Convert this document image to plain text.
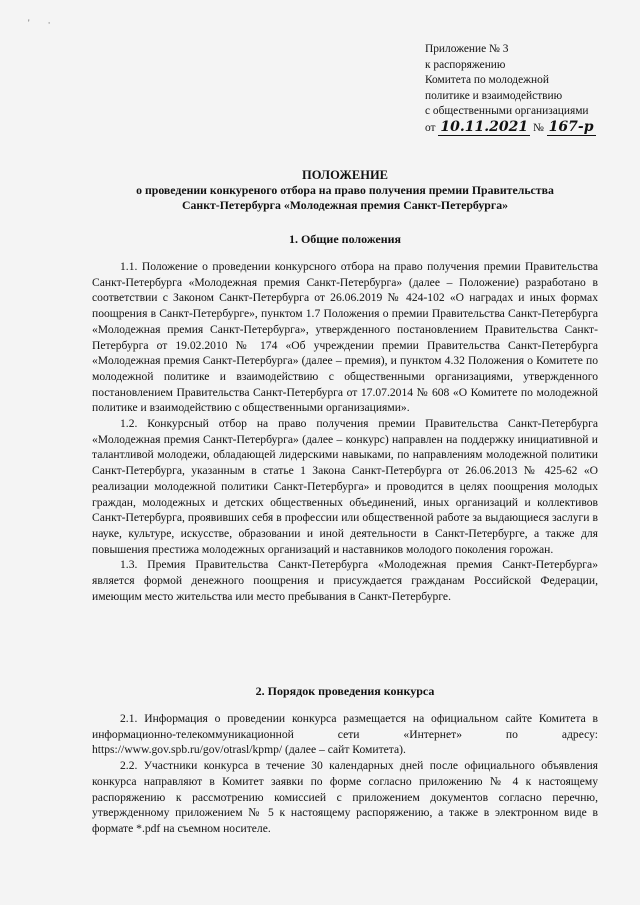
'·
Приложение № 3
к распоряжению
Комитета по молодежной
политике и взаимодействию
с общественными организациями
от 10.11.2021 № 167-р
ПОЛОЖЕНИЕ
о проведении конкуреного отбора на право получения премии Правительства
Санкт-Петербурга «Молодежная премия Санкт-Петербурга»
1. Общие положения

1.1. Положение о проведении конкурсного отбора на право получения премии Правительства Санкт-Петербурга «Молодежная премия Санкт-Петербурга» (далее – Положение) разработано в соответствии с Законом Санкт-Петербурга от 26.06.2019 № 424-102 «О наградах и иных формах поощрения в Санкт-Петербурге», пунктом 1.7 Положения о премии Правительства Санкт-Петербурга «Молодежная премия Санкт-Петербурга», утвержденного постановлением Правительства Санкт-Петербурга от 19.02.2010 № 174 «Об учреждении премии Правительства Санкт-Петербурга «Молодежная премия Санкт-Петербурга» (далее – премия), и пунктом 4.32 Положения о Комитете по молодежной политике и взаимодействию с общественными организациями, утвержденного постановлением Правительства Санкт-Петербурга от 17.07.2014 № 608 «О Комитете по молодежной политике и взаимодействию с общественными организациями».

1.2. Конкурсный отбор на право получения премии Правительства Санкт-Петербурга «Молодежная премия Санкт-Петербурга» (далее – конкурс) направлен на поддержку инициативной и талантливой молодежи, обладающей лидерскими навыками, по направлениям молодежной политики Санкт-Петербурга, указанным в статье 1 Закона Санкт-Петербурга от 26.06.2013 № 425-62 «О реализации молодежной политики Санкт-Петербурга» и проводится в целях поощрения молодых граждан, молодежных и детских общественных объединений, иных организаций и коллективов Санкт-Петербурга, проявивших себя в профессии или общественной работе за выдающиеся заслуги в науке, культуре, искусстве, образовании и иной деятельности в Санкт-Петербурге, а также для повышения престижа молодежных организаций и наставников молодого поколения горожан.

1.3. Премия Правительства Санкт-Петербурга «Молодежная премия Санкт-Петербурга» является формой денежного поощрения и присуждается гражданам Российской Федерации, имеющим место жительства или место пребывания в Санкт-Петербурге.

2. Порядок проведения конкурса

2.1. Информация о проведении конкурса размещается на официальном сайте Комитета в информационно-телекоммуникационной сети «Интернет» по адресу: https://www.gov.spb.ru/gov/otrasl/kpmp/ (далее – сайт Комитета).

2.2. Участники конкурса в течение 30 календарных дней после официального объявления конкурса направляют в Комитет заявки по форме согласно приложению № 4 к настоящему распоряжению к рассмотрению комиссией с приложением документов согласно перечню, утвержденному приложением № 5 к настоящему распоряжению, а также в электронном виде в формате *.pdf на съемном носителе.
